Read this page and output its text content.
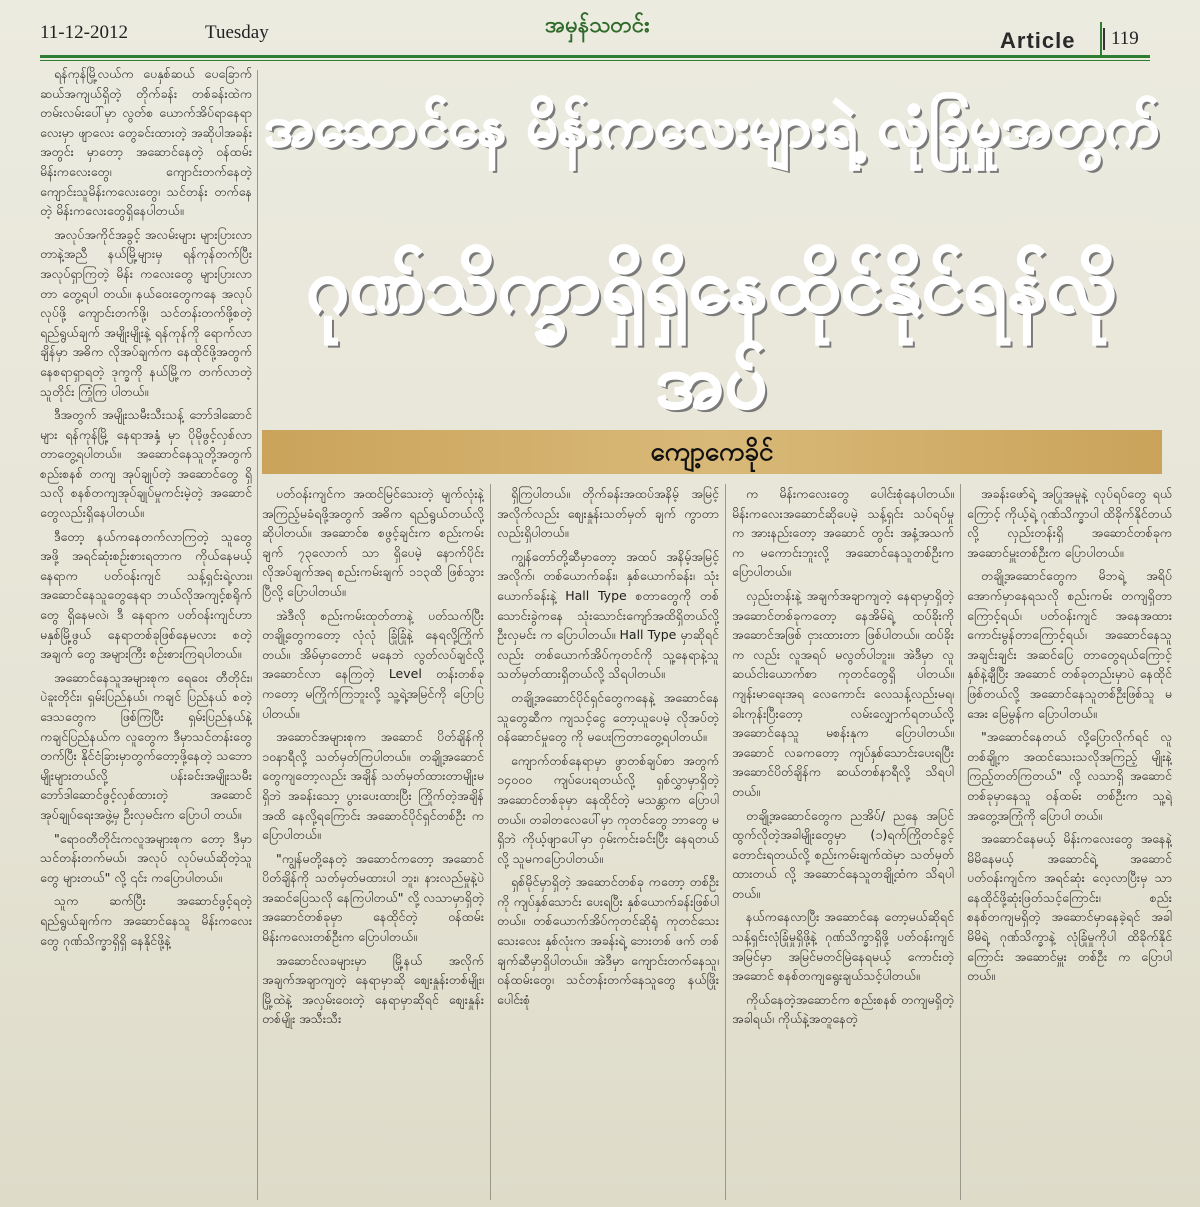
11-12-2012	Tuesday	အမှန်သတင်း
Article	119
အဆောင်နေ မိန်းကလေးများရဲ့ လုံခြုံမှုအတွက်
ဂုဏ်သိက္ခာရှိရှိနေထိုင်နိုင်ရန်လိုအပ်
ကျော့ကေခိုင်

ရန်ကုန်မြို့လယ်က ပေနှစ်ဆယ် ပေခြောက်ဆယ်အကျယ်ရှိတဲ့ တိုက်ခန်း တစ်ခန်းထဲက တမ်းလမ်းပေါ်မှာ လွတ်စ ယောက်အိပ်ရာနေရာလေးမှာ ဖျာလေး တွေခင်းထားတဲ့ အဆိုပါအခန်းအတွင်း မှာတော့ အဆောင်နေတဲ့ ဝန်ထမ်း မိန်းကလေးတွေ၊ ကျောင်းတက်နေတဲ့ ကျောင်းသူမိန်းကလေးတွေ၊ သင်တန်း တက်နေတဲ့ မိန်းကလေးတွေရှိနေပါတယ်။

အလုပ်အကိုင်အခွင့် အလမ်းများ များပြားလာတာနဲ့အညီ နယ်မြို့များမှ ရန်ကုန်တက်ပြီး အလုပ်ရှာကြတဲ့ မိန်း ကလေးတွေ များပြားလာတာ တွေ့ရပါ တယ်။ နယ်ဝေးတွေကနေ အလုပ်လုပ်ဖို့ ကျောင်းတက်ဖို့၊ သင်တန်းတက်ဖို့စတဲ့ ရည်ရွယ်ချက် အမျိုးမျိုးနဲ့ ရန်ကုန်ကို ရောက်လာချိန်မှာ အဓိက လိုအပ်ချက်က နေထိုင်ဖို့အတွက် နေစရာရှာရတဲ့ ဒုက္ခကို နယ်မြို့က တက်လာတဲ့သူတိုင်း ကြုံကြ ပါတယ်။

ဒီအတွက် အမျိုးသမီးသီးသန့် ဘော်ဒါဆောင်များ ရန်ကုန်မြို့ နေရာအနှံ့ မှာ ပိုမိုဖွင့်လှစ်လာတာတွေ့ရပါတယ်။ အဆောင်နေသူတို့အတွက် စည်းစနစ် တကျ အုပ်ချုပ်တဲ့ အဆောင်တွေ ရှိသလို စနစ်တကျအုပ်ချုပ်မှုကင်းမဲ့တဲ့ အဆောင် တွေလည်းရှိနေပါတယ်။

ဒီတော့ နယ်ကနေတက်လာကြတဲ့ သူတွေအဖို့ အရင်ဆုံးစဉ်းစားရတာက ကိုယ်နေမယ့် နေရာက ပတ်ဝန်းကျင် သန့်ရှင်းရဲ့လား၊ အဆောင်နေသူတွေနေရာ ဘယ်လိုအကျင့်စရိုက်တွေ ရှိနေမလဲ၊ ဒီ နေရာက ပတ်ဝန်းကျင်ဟာမနှစ်မြို့ဖွယ် နေရာတစ်ခုဖြစ်နေမလား စတဲ့ အချက် တွေ အများကြီး စဉ်းစားကြရပါတယ်။

အဆောင်နေသူအများစုက ရေဝေး တီတိုင်း၊ ပဲခူးတိုင်း၊ ရှမ်းပြည်နယ်၊ ကချင် ပြည်နယ် စတဲ့ဒေသတွေက ဖြစ်ကြပြီး ရှမ်းပြည်နယ်နဲ့ ကချင်ပြည်နယ်က လူတွေက ဒီမှာသင်တန်းတွေတက်ပြီး နိုင်ငံခြားမှာတွက်တော့ဖို့နေတဲ့ သဘော မျိုးများတယ်လို့ ပန်းခင်းအမျိုးသမီး ဘော်ဒါဆောင်ဖွင့်လှစ်ထားတဲ့ အဆောင် အုပ်ချုပ်ရေးအဖွဲ့မှ ဦးလှမင်းက ပြောပါ တယ်။

"ရောဝတီတိုင်းကလူအများစုက တော့ ဒီမှာသင်တန်းတက်မယ်၊ အလုပ် လုပ်မယ်ဆိုတဲ့သူတွေ များတယ်" လို့ ၎င်း ကပြောပါတယ်။

သူက ဆက်ပြီး အဆောင်ဖွင့်ရတဲ့ ရည်ရွယ်ချက်က အဆောင်နေသူ မိန်းကလေးတွေ ဂုဏ်သိက္ခာရှိရှိ နေနိုင်ဖို့နဲ့

ပတ်ဝန်းကျင်က အထင်မြင်သေးတဲ့ မျက်လုံးနဲ့ အကြည့်မခံရဖို့အတွက် အဓိက ရည်ရွယ်တယ်လို့ ဆိုပါတယ်။ အဆောင်စ စဖွင့်ချင်းက စည်းကမ်းချက် ၇၃လောက် သာ ရှိပေမဲ့ နောက်ပိုင်း လိုအပ်ချက်အရ စည်းကမ်းချက် ၁၁၃ထိ ဖြစ်သွားပြီလို့ ပြောပါတယ်။

အဲဒီလို စည်းကမ်းထုတ်တာနဲ့ ပတ်သက်ပြီး တချို့တွေကတော့ လုံလုံ ခြုံခြုံနဲ့ နေရလို့ကြိုက်တယ်။ အိမ်မှာတောင် မနေဘဲ လွတ်လပ်ချင်လို့ အဆောင်လာ နေကြတဲ့ Level တန်းတစ်ခုကတော့ မကြိုက်ကြဘူးလို့ သူ့ရဲ့အမြင်ကို ပြောပြ ပါတယ်။

အဆောင်အများစုက အဆောင် ပိတ်ချိန်ကို ၁၀နာရီလို့ သတ်မှတ်ကြပါတယ်။ တချို့အဆောင်တွေကျတော့လည်း အချိန် သတ်မှတ်ထားတာမျိုးမရှိဘဲ အခန်းသော့ ပွားပေးထားပြီး ကြိုက်တဲ့အချိန်အထိ နေလို့ရကြောင်း အဆောင်ပိုင်ရှင်တစ်ဦး ကပြောပါတယ်။

"ကျွန်မတို့နေတဲ့ အဆောင်ကတော့ အဆောင်ပိတ်ချိန်ကို သတ်မှတ်မထားပါ ဘူး၊ နားလည်မှုနဲ့ပဲ အဆင်ပြေသလို နေကြပါတယ်" လို့ လသာမှာရှိတဲ့ အဆောင်တစ်ခုမှာ နေထိုင်တဲ့ ဝန်ထမ်း မိန်းကလေးတစ်ဦးက ပြောပါတယ်။

အဆောင်လခများမှာ မြို့နယ် အလိုက် အချက်အချာကျတဲ့ နေရာမှာဆို စျေးနှုန်းတစ်မျိုး၊ မြို့ထဲနဲ့ အလှမ်းဝေးတဲ့ နေရာမှာဆိုရင် စျေးနှုန်းတစ်မျိုး အသီးသီး

ရှိကြပါတယ်။ တိုက်ခန်းအထပ်အနိမ့် အမြင့်အလိုက်လည်း စျေးနှုန်းသတ်မှတ် ချက် ကွာတာလည်းရှိပါတယ်။

ကျွန်တော်တို့ဆီမှာတော့ အထပ် အနိမ့်အမြင့်အလိုက်၊ တစ်ယောက်ခန်း၊ နှစ်ယောက်ခန်း၊ သုံးယောက်ခန်းနဲ့ Hall Type စတာတွေကို တစ်သောင်းခွဲကနေ သုံးသောင်းကျော်အထိရှိတယ်လို့ ဦးလှမင်း က ပြောပါတယ်။ Hall Type မှာဆိုရင် လည်း တစ်ယောက်အိပ်ကုတင်ကို သူ့နေရာနဲ့သူ သတ်မှတ်ထားရှိတယ်လို့ သိရပါတယ်။

တချို့အဆောင်ပိုင်ရှင်တွေကနေနဲ့ အဆောင်နေသူတွေဆီက ကျသင့်ငွေ တော့ယူပေမဲ့ လိုအပ်တဲ့ ဝန်ဆောင်မှုတွေ ကို မပေးကြတာတွေ့ရပါတယ်။

ကျောက်တစ်နေရာမှာ ဖွာတစ်ချပ်စာ အတွက် ၁၄၀၀၀ ကျပ်ပေးရတယ်လို့ ရှစ်လွှာမှာရှိတဲ့ အဆောင်တစ်ခုမှာ နေထိုင်တဲ့ မသန္တာက ပြောပါတယ်။ တခါတလေပေါ်မှာ ကုတင်တွေ ဘာတွေ မရှိဘဲ ကိုယ့်ဖျာပေါ်မှာ ဝှမ်းကင်းခင်းပြီး နေရတယ်လို့ သူမကပြောပါတယ်။

ရှစ်မိုင်မှာရှိတဲ့ အဆောင်တစ်ခု ကတော့ တစ်ဦးကို ကျပ်နှစ်သောင်း ပေးရပြီး နှစ်ယောက်ခန်းဖြစ်ပါတယ်။ တစ်ယောက်အိပ်ကုတင်ဆိုရုံ ကုတင်သေး သေးလေး နှစ်လုံးက အခန်းရဲ့ ဘေးတစ် ဖက် တစ်ချက်ဆီမှာရှိပါတယ်။ အဲဒီမှာ ကျောင်းတက်နေသူ၊ ဝန်ထမ်းတွေ၊ သင်တန်းတက်နေသူတွေ နယ်ဖြိုးပေါင်းစုံ

က မိန်းကလေးတွေ ပေါင်းစုံနေပါတယ်။ မိန်းကလေးအဆောင်ဆိုပေမဲ့ သန့်ရှင်း သပ်ရပ်မှုက အားနည်းတော့ အဆောင် တွင်း အနံ့အသက်က မကောင်းဘူးလို့ အဆောင်နေသူတစ်ဦးက ပြောပါတယ်။

လှည်းတန်းနဲ့ အချက်အချာကျတဲ့ နေရာမှာရှိတဲ့ အဆောင်တစ်ခုကတော့ နေအိမ်ရဲ့ ထပ်ခိုးကို အဆောင်အဖြစ် ငှားထားတာ ဖြစ်ပါတယ်။ ထပ်ခိုးက လည်း လူအရပ် မလွတ်ပါဘူး။ အဲဒီမှာ လူဆယ်ငါးယောက်စာ ကုတင်တွေရှိ ပါတယ်။ ကျန်းမာရေးအရ လေကောင်း လေသန့်လည်းမရ၊ ခါးကုန်းပြီးတော့ လမ်းလျှောက်ရတယ်လို့ အဆောင်နေသူ မစန်းနုက ပြောပါတယ်။ အဆောင် လခကတော့ ကျပ်နှစ်သောင်းပေးရပြီး အဆောင်ပိတ်ချိန်က ဆယ်တစ်နာရီလို့ သိရပါတယ်။

တချို့အဆောင်တွေက ညအိပ်/ ညနေ အပြင်ထွက်လိုတဲ့အခါမျိုးတွေမှာ (၁)ရက်ကြိုတင်ခွင့်တောင်းရတယ်လို့ စည်းကမ်းချက်ထဲမှာ သတ်မှတ်ထားတယ် လို့ အဆောင်နေသူတချို့ထံက သိရပါ တယ်။

နယ်ကနေလာပြီး အဆောင်နေ တော့မယ်ဆိုရင် သန့်ရှင်းလုံခြုံမှုရှိဖို့နဲ့ ဂုဏ်သိက္ခာရှိဖို့ ပတ်ဝန်းကျင်အမြင်မှာ အမြင်မတင်မြဲနေရမယ့် ကောင်းတဲ့အဆောင် စနစ်တကျရွေးချယ်သင့်ပါတယ်။

ကိုယ်နေတဲ့အဆောင်က စည်းစနစ် တကျမရှိတဲ့အခါရယ်၊ ကိုယ်နဲ့အတူနေတဲ့

အခန်းဖော်ရဲ့ အပြုအမူနဲ့ လုပ်ရပ်တွေ ရယ်ကြောင့် ကိုယ့်ရဲ့ ဂုဏ်သိက္ခာပါ ထိခိုက်နိုင်တယ်လို့ လှည်းတန်းရှိ အဆောင်တစ်ခုက အဆောင်မှူးတစ်ဦးက ပြောပါတယ်။

တချို့အဆောင်တွေက မိဘရဲ့ အရိပ်အောက်မှာနေရသလို စည်းကမ်း တကျရှိတာကြောင့်ရယ်၊ ပတ်ဝန်းကျင် အနေအထားကောင်းမွန်တာကြောင့်ရယ်၊ အဆောင်နေသူ အချင်းချင်း အဆင်ပြေ တာတွေရယ်ကြောင့် နှစ်နဲ့ချီပြီး အဆောင် တစ်ခုတည်းမှာပဲ နေထိုင်ဖြစ်တယ်လို့ အဆောင်နေသူတစ်ဦးဖြစ်သူ မအေး မြေမွန်က ပြောပါတယ်။

"အဆောင်နေတယ် လို့ပြောလိုက်ရင် လူတစ်ချို့က အထင်သေးသလိုအကြည့် မျိုးနဲ့ ကြည့်တတ်ကြတယ်" လို့ လသာရှိ အဆောင်တစ်ခုမှာနေသူ ဝန်ထမ်း တစ်ဦးက သူ့ရဲ့ အတွေ့အကြုံကို ပြောပါ တယ်။

အဆောင်နေမယ့် မိန်းကလေးတွေ အနေနဲ့ မိမိနေမယ့် အဆောင်ရဲ့ အဆောင် ပတ်ဝန်းကျင်က အရင်ဆုံး လေ့လာပြီးမှ သာ နေထိုင်ဖို့ဆုံးဖြတ်သင့်ကြောင်း၊ စည်း စနစ်တကျမရှိတဲ့ အဆောင်မှာနေခဲ့ရင် အခါ မိမိရဲ့ ဂုဏ်သိက္ခာနဲ့ လုံခြုံမှုကိုပါ ထိခိုက်နိုင်ကြောင်း အဆောင်မှူး တစ်ဦး က ပြောပါတယ်။
